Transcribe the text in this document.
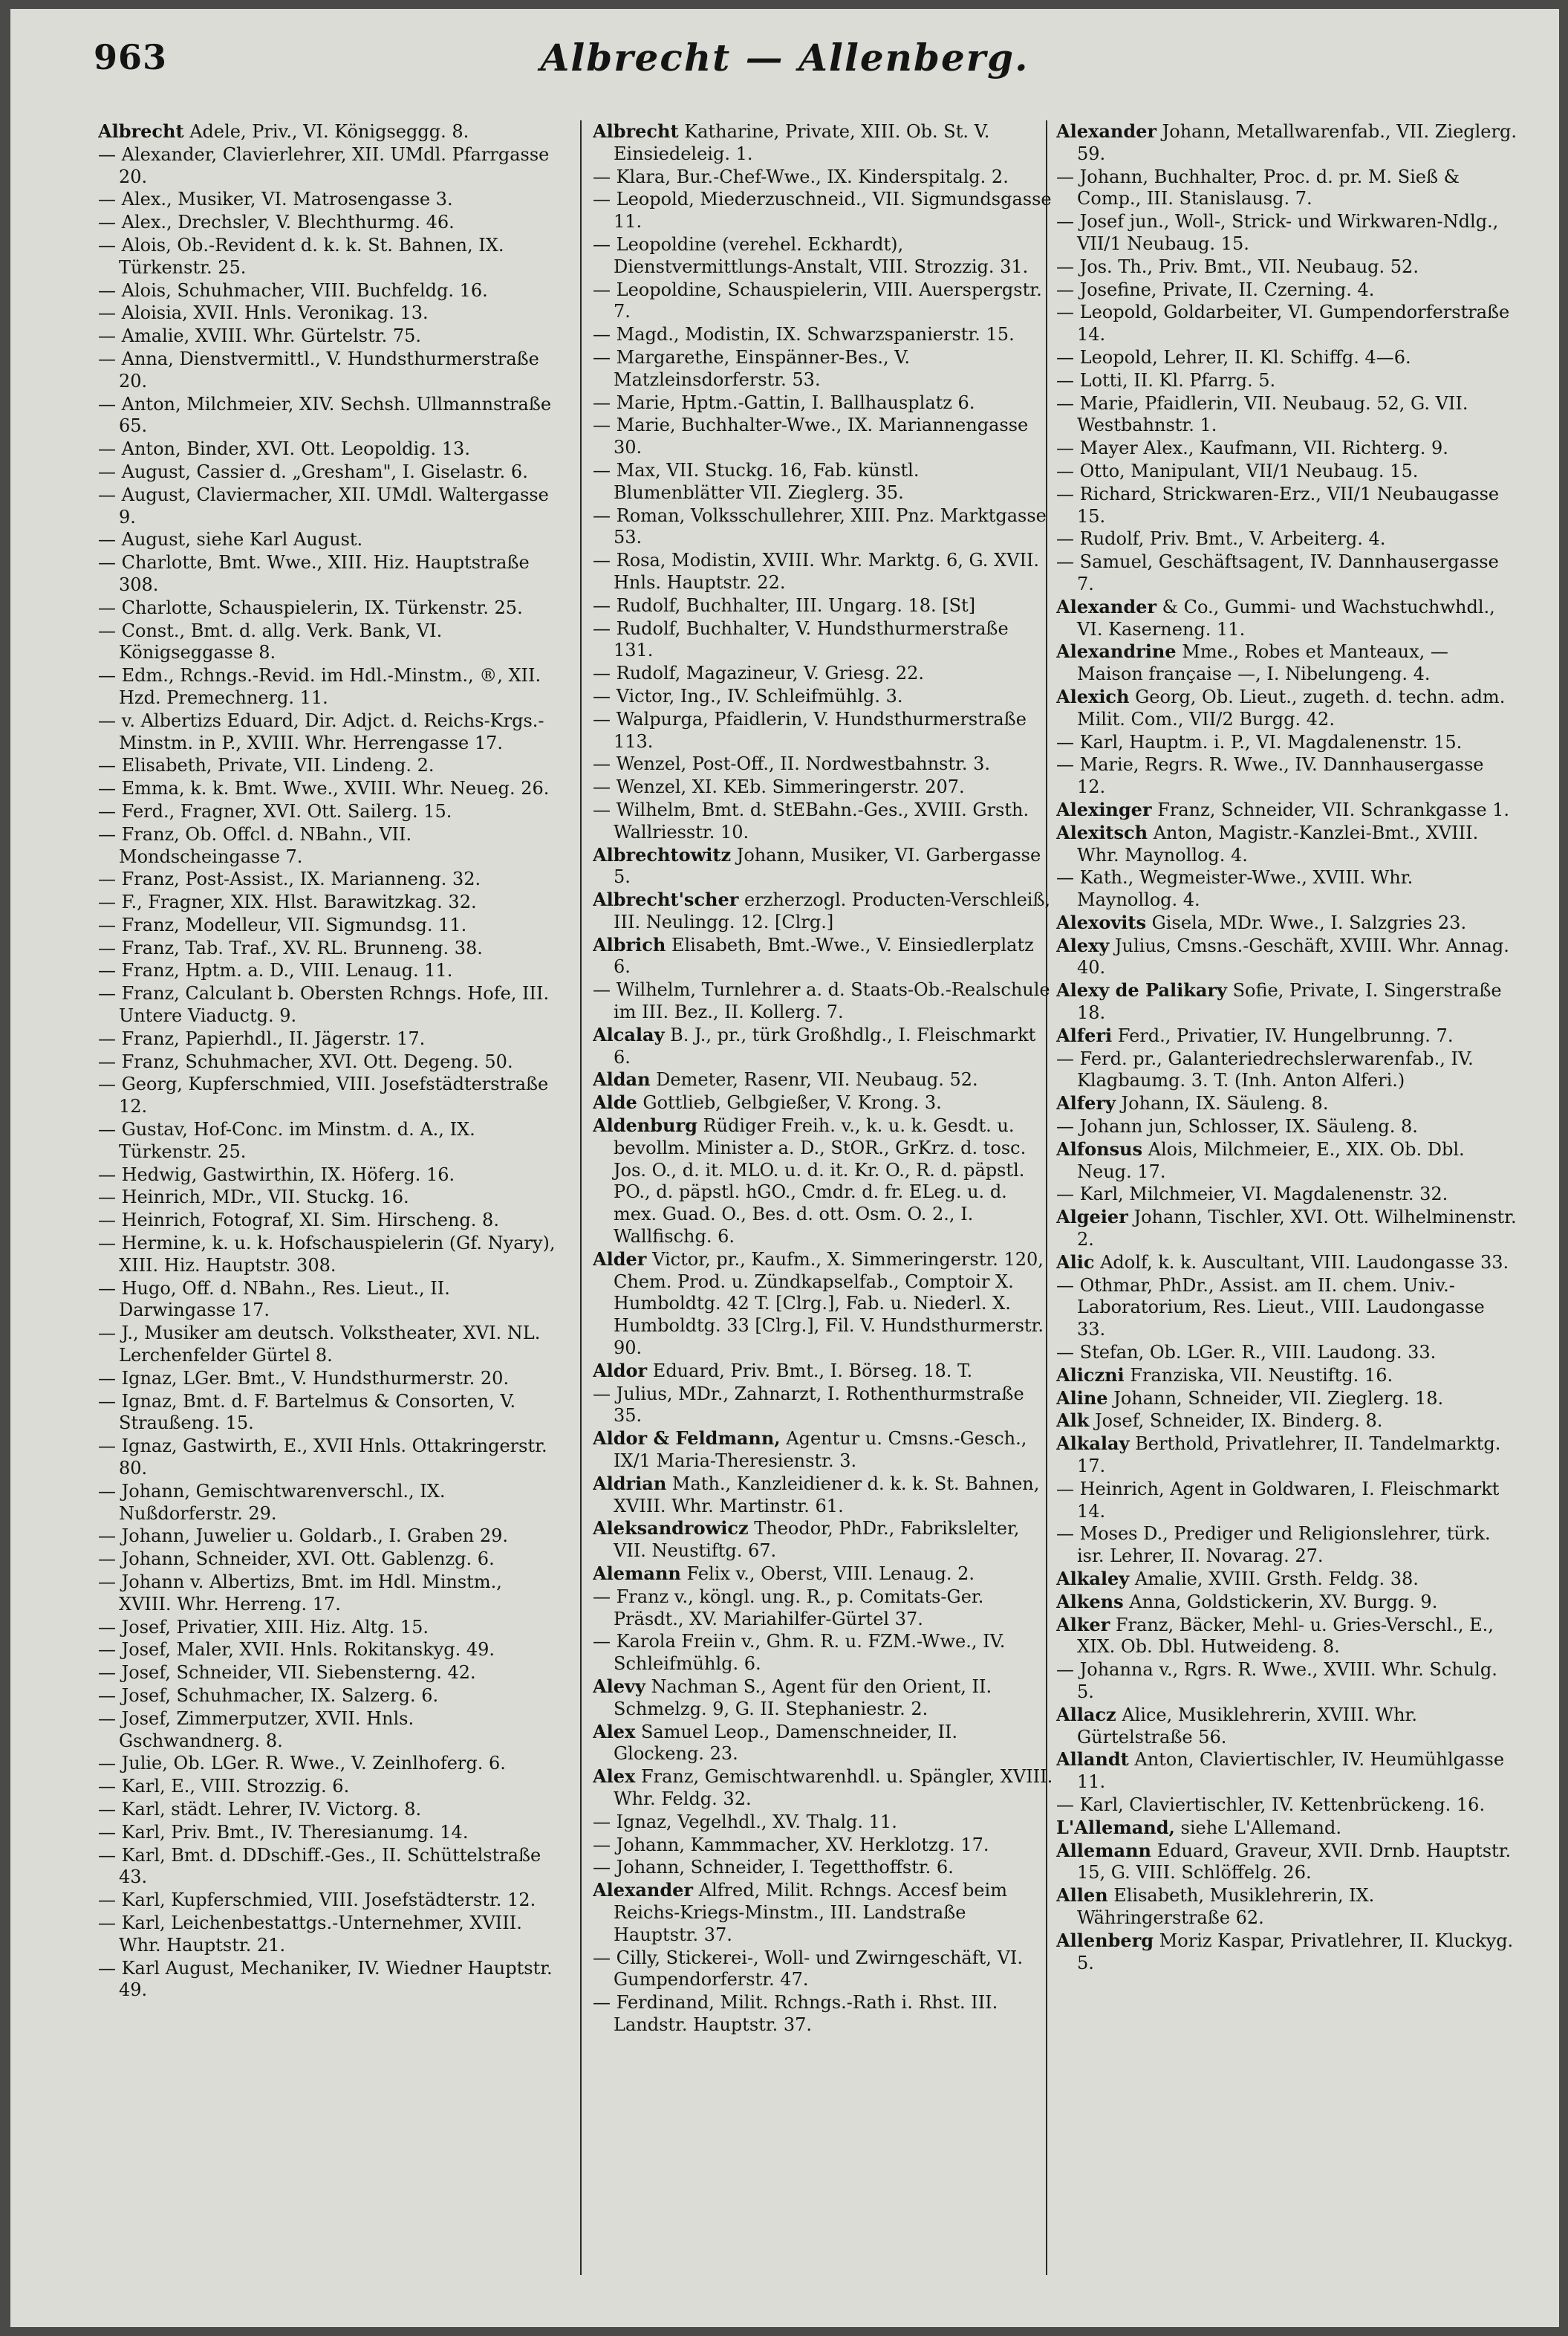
963	Albrecht — Allenberg.

Albrecht Adele, Priv., VI. Königseggg. 8.

— Alexander, Clavierlehrer, XII. UMdl. Pfarrgasse 20.

— Alex., Musiker, VI. Matrosengasse 3.

— Alex., Drechsler, V. Blechthurmg. 46.

— Alois, Ob.-Revident d. k. k. St. Bahnen, IX. Türkenstr. 25.

— Alois, Schuhmacher, VIII. Buchfeldg. 16.

— Aloisia, XVII. Hnls. Veronikag. 13.

— Amalie, XVIII. Whr. Gürtelstr. 75.

— Anna, Dienstvermittl., V. Hundsthurmerstraße 20.

— Anton, Milchmeier, XIV. Sechsh. Ullmannstraße 65.

— Anton, Binder, XVI. Ott. Leopoldig. 13.

— August, Cassier d. „Gresham", I. Giselastr. 6.

— August, Claviermacher, XII. UMdl. Waltergasse 9.

— August, siehe Karl August.

— Charlotte, Bmt. Wwe., XIII. Hiz. Hauptstraße 308.

— Charlotte, Schauspielerin, IX. Türkenstr. 25.

— Const., Bmt. d. allg. Verk. Bank, VI. Königseggasse 8.

— Edm., Rchngs.-Revid. im Hdl.-Minstm., ®, XII. Hzd. Premechnerg. 11.

— v. Albertizs Eduard, Dir. Adjct. d. Reichs-Krgs.-Minstm. in P., XVIII. Whr. Herrengasse 17.

— Elisabeth, Private, VII. Lindeng. 2.

— Emma, k. k. Bmt. Wwe., XVIII. Whr. Neueg. 26.

— Ferd., Fragner, XVI. Ott. Sailerg. 15.

— Franz, Ob. Offcl. d. NBahn., VII. Mondscheingasse 7.

— Franz, Post-Assist., IX. Marianneng. 32.

— F., Fragner, XIX. Hlst. Barawitzkag. 32.

— Franz, Modelleur, VII. Sigmundsg. 11.

— Franz, Tab. Traf., XV. RL. Brunneng. 38.

— Franz, Hptm. a. D., VIII. Lenaug. 11.

— Franz, Calculant b. Obersten Rchngs. Hofe, III. Untere Viaductg. 9.

— Franz, Papierhdl., II. Jägerstr. 17.

— Franz, Schuhmacher, XVI. Ott. Degeng. 50.

— Georg, Kupferschmied, VIII. Josefstädterstraße 12.

— Gustav, Hof-Conc. im Minstm. d. A., IX. Türkenstr. 25.

— Hedwig, Gastwirthin, IX. Höferg. 16.

— Heinrich, MDr., VII. Stuckg. 16.

— Heinrich, Fotograf, XI. Sim. Hirscheng. 8.

— Hermine, k. u. k. Hofschauspielerin (Gf. Nyary), XIII. Hiz. Hauptstr. 308.

— Hugo, Off. d. NBahn., Res. Lieut., II. Darwingasse 17.

— J., Musiker am deutsch. Volkstheater, XVI. NL. Lerchenfelder Gürtel 8.

— Ignaz, LGer. Bmt., V. Hundsthurmerstr. 20.

— Ignaz, Bmt. d. F. Bartelmus & Consorten, V. Straußeng. 15.

— Ignaz, Gastwirth, E., XVII Hnls. Ottakringerstr. 80.

— Johann, Gemischtwarenverschl., IX. Nußdorferstr. 29.

— Johann, Juwelier u. Goldarb., I. Graben 29.

— Johann, Schneider, XVI. Ott. Gablenzg. 6.

— Johann v. Albertizs, Bmt. im Hdl. Minstm., XVIII. Whr. Herreng. 17.

— Josef, Privatier, XIII. Hiz. Altg. 15.

— Josef, Maler, XVII. Hnls. Rokitanskyg. 49.

— Josef, Schneider, VII. Siebensterng. 42.

— Josef, Schuhmacher, IX. Salzerg. 6.

— Josef, Zimmerputzer, XVII. Hnls. Gschwandnerg. 8.

— Julie, Ob. LGer. R. Wwe., V. Zeinlhoferg. 6.

— Karl, E., VIII. Strozzig. 6.

— Karl, städt. Lehrer, IV. Victorg. 8.

— Karl, Priv. Bmt., IV. Theresianumg. 14.

— Karl, Bmt. d. DDschiff.-Ges., II. Schüttelstraße 43.

— Karl, Kupferschmied, VIII. Josefstädterstr. 12.

— Karl, Leichenbestattgs.-Unternehmer, XVIII. Whr. Hauptstr. 21.

— Karl August, Mechaniker, IV. Wiedner Hauptstr. 49.

Albrecht Katharine, Private, XIII. Ob. St. V. Einsiedeleig. 1.

— Klara, Bur.-Chef-Wwe., IX. Kinderspitalg. 2.

— Leopold, Miederzuschneid., VII. Sigmundsgasse 11.

— Leopoldine (verehel. Eckhardt), Dienstvermittlungs-Anstalt, VIII. Strozzig. 31.

— Leopoldine, Schauspielerin, VIII. Auerspergstr. 7.

— Magd., Modistin, IX. Schwarzspanierstr. 15.

— Margarethe, Einspänner-Bes., V. Matzleinsdorferstr. 53.

— Marie, Hptm.-Gattin, I. Ballhausplatz 6.

— Marie, Buchhalter-Wwe., IX. Mariannengasse 30.

— Max, VII. Stuckg. 16, Fab. künstl. Blumenblätter VII. Zieglerg. 35.

— Roman, Volksschullehrer, XIII. Pnz. Marktgasse 53.

— Rosa, Modistin, XVIII. Whr. Marktg. 6, G. XVII. Hnls. Hauptstr. 22.

— Rudolf, Buchhalter, III. Ungarg. 18. [St]

— Rudolf, Buchhalter, V. Hundsthurmerstraße 131.

— Rudolf, Magazineur, V. Griesg. 22.

— Victor, Ing., IV. Schleifmühlg. 3.

— Walpurga, Pfaidlerin, V. Hundsthurmerstraße 113.

— Wenzel, Post-Off., II. Nordwestbahnstr. 3.

— Wenzel, XI. KEb. Simmeringerstr. 207.

— Wilhelm, Bmt. d. StEBahn.-Ges., XVIII. Grsth. Wallriesstr. 10.

Albrechtowitz Johann, Musiker, VI. Garbergasse 5.

Albrecht'scher erzherzogl. Producten-Verschleiß, III. Neulingg. 12. [Clrg.]

Albrich Elisabeth, Bmt.-Wwe., V. Einsiedlerplatz 6.

— Wilhelm, Turnlehrer a. d. Staats-Ob.-Realschule im III. Bez., II. Kollerg. 7.

Alcalay B. J., pr., türk Großhdlg., I. Fleischmarkt 6.

Aldan Demeter, Rasenr, VII. Neubaug. 52.

Alde Gottlieb, Gelbgießer, V. Krong. 3.

Aldenburg Rüdiger Freih. v., k. u. k. Gesdt. u. bevollm. Minister a. D., StOR., GrKrz. d. tosc. Jos. O., d. it. MLO. u. d. it. Kr. O., R. d. päpstl. PO., d. päpstl. hGO., Cmdr. d. fr. ELeg. u. d. mex. Guad. O., Bes. d. ott. Osm. O. 2., I. Wallfischg. 6.

Alder Victor, pr., Kaufm., X. Simmeringerstr. 120, Chem. Prod. u. Zündkapselfab., Comptoir X. Humboldtg. 42 T. [Clrg.], Fab. u. Niederl. X. Humboldtg. 33 [Clrg.], Fil. V. Hundsthurmerstr. 90.

Aldor Eduard, Priv. Bmt., I. Börseg. 18. T.

— Julius, MDr., Zahnarzt, I. Rothenthurmstraße 35.

Aldor & Feldmann, Agentur u. Cmsns.-Gesch., IX/1 Maria-Theresienstr. 3.

Aldrian Math., Kanzleidiener d. k. k. St. Bahnen, XVIII. Whr. Martinstr. 61.

Aleksandrowicz Theodor, PhDr., Fabrikslelter, VII. Neustiftg. 67.

Alemann Felix v., Oberst, VIII. Lenaug. 2.

— Franz v., köngl. ung. R., p. Comitats-Ger. Präsdt., XV. Mariahilfer-Gürtel 37.

— Karola Freiin v., Ghm. R. u. FZM.-Wwe., IV. Schleifmühlg. 6.

Alevy Nachman S., Agent für den Orient, II. Schmelzg. 9, G. II. Stephaniestr. 2.

Alex Samuel Leop., Damenschneider, II. Glockeng. 23.

Alex Franz, Gemischtwarenhdl. u. Spängler, XVIII. Whr. Feldg. 32.

— Ignaz, Vegelhdl., XV. Thalg. 11.

— Johann, Kammmacher, XV. Herklotzg. 17.

— Johann, Schneider, I. Tegetthoffstr. 6.

Alexander Alfred, Milit. Rchngs. Accesf beim Reichs-Kriegs-Minstm., III. Landstraße Hauptstr. 37.

— Cilly, Stickerei-, Woll- und Zwirngeschäft, VI. Gumpendorferstr. 47.

— Ferdinand, Milit. Rchngs.-Rath i. Rhst. III. Landstr. Hauptstr. 37.

Alexander Johann, Metallwarenfab., VII. Zieglerg. 59.

— Johann, Buchhalter, Proc. d. pr. M. Sieß & Comp., III. Stanislausg. 7.

— Josef jun., Woll-, Strick- und Wirkwaren-Ndlg., VII/1 Neubaug. 15.

— Jos. Th., Priv. Bmt., VII. Neubaug. 52.

— Josefine, Private, II. Czerning. 4.

— Leopold, Goldarbeiter, VI. Gumpendorferstraße 14.

— Leopold, Lehrer, II. Kl. Schiffg. 4—6.

— Lotti, II. Kl. Pfarrg. 5.

— Marie, Pfaidlerin, VII. Neubaug. 52, G. VII. Westbahnstr. 1.

— Mayer Alex., Kaufmann, VII. Richterg. 9.

— Otto, Manipulant, VII/1 Neubaug. 15.

— Richard, Strickwaren-Erz., VII/1 Neubaugasse 15.

— Rudolf, Priv. Bmt., V. Arbeiterg. 4.

— Samuel, Geschäftsagent, IV. Dannhausergasse 7.

Alexander & Co., Gummi- und Wachstuchwhdl., VI. Kaserneng. 11.

Alexandrine Mme., Robes et Manteaux, — Maison française —, I. Nibelungeng. 4.

Alexich Georg, Ob. Lieut., zugeth. d. techn. adm. Milit. Com., VII/2 Burgg. 42.

— Karl, Hauptm. i. P., VI. Magdalenenstr. 15.

— Marie, Regrs. R. Wwe., IV. Dannhausergasse 12.

Alexinger Franz, Schneider, VII. Schrankgasse 1.

Alexitsch Anton, Magistr.-Kanzlei-Bmt., XVIII. Whr. Maynollog. 4.

— Kath., Wegmeister-Wwe., XVIII. Whr. Maynollog. 4.

Alexovits Gisela, MDr. Wwe., I. Salzgries 23.

Alexy Julius, Cmsns.-Geschäft, XVIII. Whr. Annag. 40.

Alexy de Palikary Sofie, Private, I. Singerstraße 18.

Alferi Ferd., Privatier, IV. Hungelbrunng. 7.

— Ferd. pr., Galanteriedrechslerwarenfab., IV. Klagbaumg. 3. T. (Inh. Anton Alferi.)

Alfery Johann, IX. Säuleng. 8.

— Johann jun, Schlosser, IX. Säuleng. 8.

Alfonsus Alois, Milchmeier, E., XIX. Ob. Dbl. Neug. 17.

— Karl, Milchmeier, VI. Magdalenenstr. 32.

Algeier Johann, Tischler, XVI. Ott. Wilhelminenstr. 2.

Alic Adolf, k. k. Auscultant, VIII. Laudongasse 33.

— Othmar, PhDr., Assist. am II. chem. Univ.-Laboratorium, Res. Lieut., VIII. Laudongasse 33.

— Stefan, Ob. LGer. R., VIII. Laudong. 33.

Aliczni Franziska, VII. Neustiftg. 16.

Aline Johann, Schneider, VII. Zieglerg. 18.

Alk Josef, Schneider, IX. Binderg. 8.

Alkalay Berthold, Privatlehrer, II. Tandelmarktg. 17.

— Heinrich, Agent in Goldwaren, I. Fleischmarkt 14.

— Moses D., Prediger und Religionslehrer, türk. isr. Lehrer, II. Novarag. 27.

Alkaley Amalie, XVIII. Grsth. Feldg. 38.

Alkens Anna, Goldstickerin, XV. Burgg. 9.

Alker Franz, Bäcker, Mehl- u. Gries-Verschl., E., XIX. Ob. Dbl. Hutweideng. 8.

— Johanna v., Rgrs. R. Wwe., XVIII. Whr. Schulg. 5.

Allacz Alice, Musiklehrerin, XVIII. Whr. Gürtelstraße 56.

Allandt Anton, Claviertischler, IV. Heumühlgasse 11.

— Karl, Claviertischler, IV. Kettenbrückeng. 16.

L'Allemand, siehe L'Allemand.

Allemann Eduard, Graveur, XVII. Drnb. Hauptstr. 15, G. VIII. Schlöffelg. 26.

Allen Elisabeth, Musiklehrerin, IX. Währingerstraße 62.

Allenberg Moriz Kaspar, Privatlehrer, II. Kluckyg. 5.
